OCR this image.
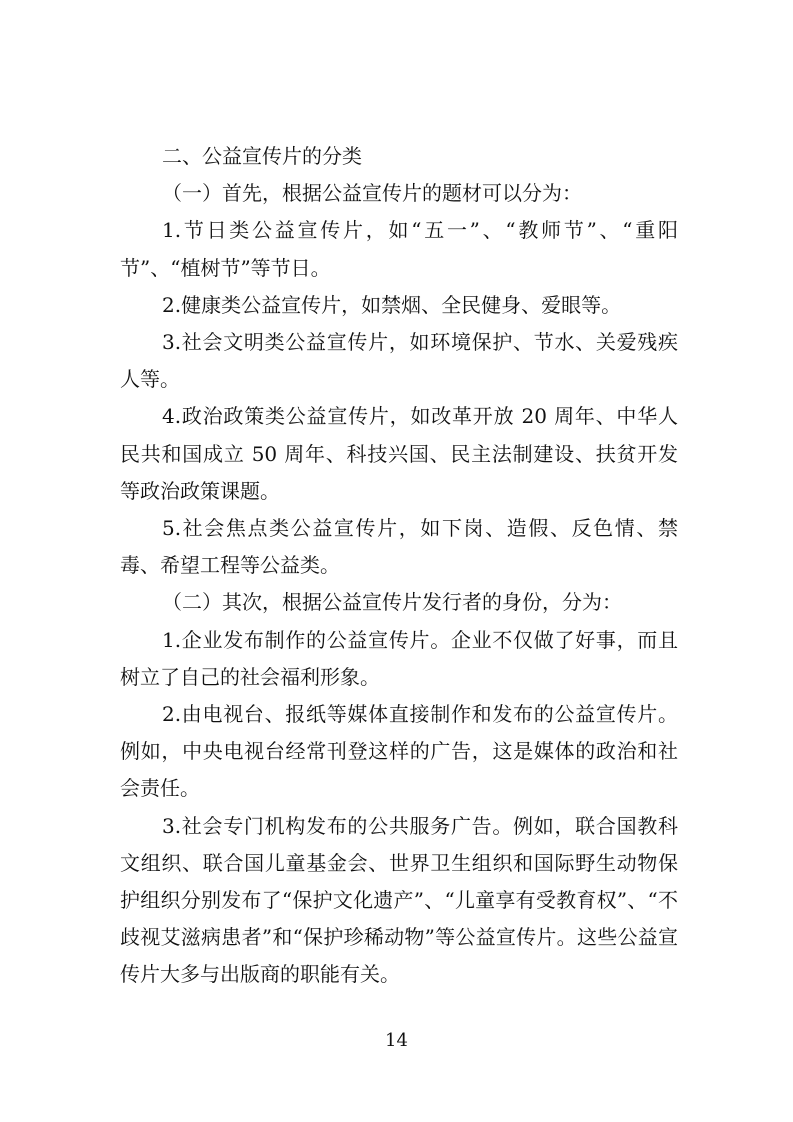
二、公益宣传片的分类

（一）首先，根据公益宣传片的题材可以分为：

1.节日类公益宣传片，如“五一”、“教师节”、“重阳节”、“植树节”等节日。

2.健康类公益宣传片，如禁烟、全民健身、爱眼等。

3.社会文明类公益宣传片，如环境保护、节水、关爱残疾人等。

4.政治政策类公益宣传片，如改革开放 20 周年、中华人民共和国成立 50 周年、科技兴国、民主法制建设、扶贫开发等政治政策课题。

5.社会焦点类公益宣传片，如下岗、造假、反色情、禁毒、希望工程等公益类。

（二）其次，根据公益宣传片发行者的身份，分为：

1.企业发布制作的公益宣传片。企业不仅做了好事，而且树立了自己的社会福利形象。

2.由电视台、报纸等媒体直接制作和发布的公益宣传片。例如，中央电视台经常刊登这样的广告，这是媒体的政治和社会责任。

3.社会专门机构发布的公共服务广告。例如，联合国教科文组织、联合国儿童基金会、世界卫生组织和国际野生动物保护组织分别发布了“保护文化遗产”、“儿童享有受教育权”、“不歧视艾滋病患者”和“保护珍稀动物”等公益宣传片。这些公益宣传片大多与出版商的职能有关。

14
